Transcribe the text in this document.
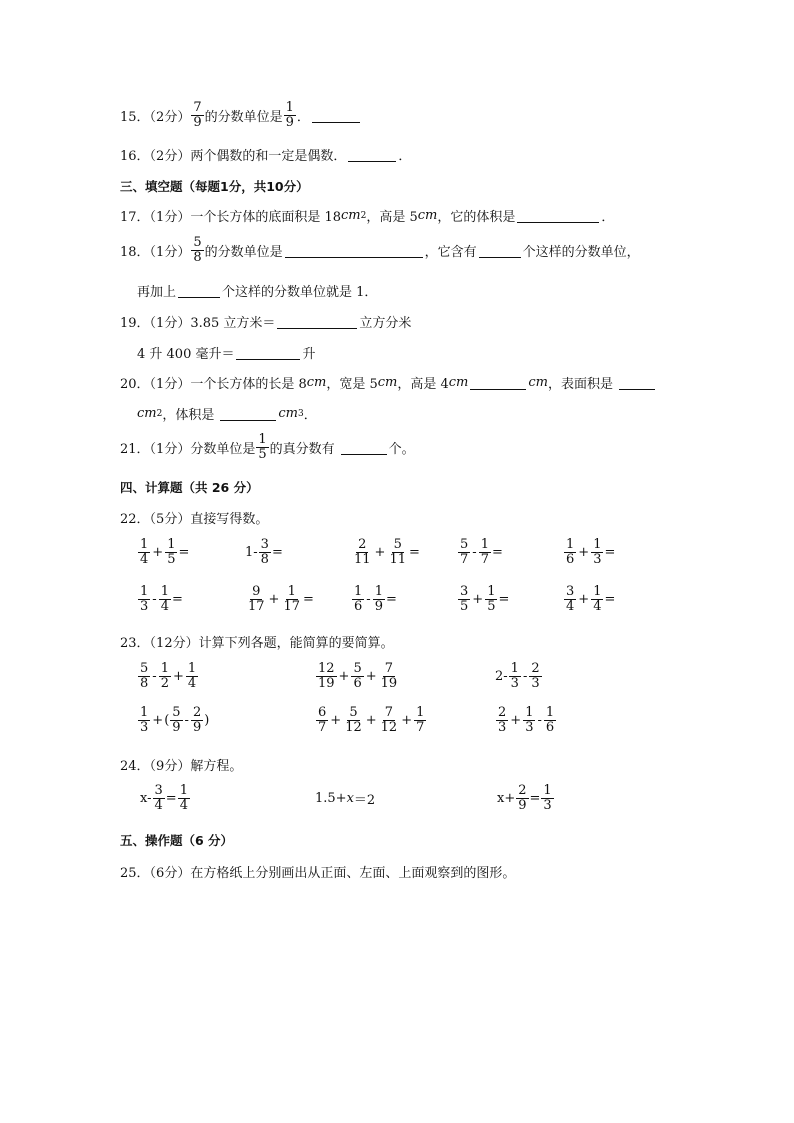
15．（2分） $\frac{7}{9}$ 的分数单位是 $\frac{1}{9}$ ．
16．（2分）两个偶数的和一定是偶数．	．
三、填空题（每题1分，共10分）
17．（1分）一个长方体的底面积是 18 cm 2 ，高是 5 cm ，它的体积是	．
18．（1分） $\frac{5}{8}$ 的分数单位是	，它含有	个这样的分数单位，
再加上	个这样的分数单位就是 1．
19．（1分）3.85 立方米＝	立方分米
4 升 400 毫升＝	升
20．（1分）一个长方体的长是 8 cm ，宽是 5 cm ，高是 4 cm	cm ，表面积是
cm 2 ，体积是	cm 3 ．
21．（1分）分数单位是 $\frac{1}{5}$ 的真分数有	个。
四、计算题（共 26 分）
22．（5分）直接写得数。
$\frac{1}{4} + \frac{1}{5}$ =	$1- \frac{3}{8}$ =	$\frac{2}{11} + \frac{5}{11}$ =	$\frac{5}{7} - \frac{1}{7}$ =	$\frac{1}{6} + \frac{1}{3}$ =
$\frac{1}{3} - \frac{1}{4}$ =	$\frac{9}{17} + \frac{1}{17}$ =	$\frac{1}{6} - \frac{1}{9}$ =	$\frac{3}{5} + \frac{1}{5}$ =	$\frac{3}{4} + \frac{1}{4}$ =
23．（12分）计算下列各题，能简算的要简算。
$\frac{5}{8} - \frac{1}{2} + \frac{1}{4}$	$\frac{12}{19} + \frac{5}{6} + \frac{7}{19}$	$2- \frac{1}{3} - \frac{2}{3}$
$\frac{1}{3}$ + ( $\frac{5}{9} - \frac{2}{9}$ )	$\frac{6}{7} + \frac{5}{12} + \frac{7}{12} + \frac{1}{7}$	$\frac{2}{3} + \frac{1}{3} - \frac{1}{6}$
24．（9分）解方程。
$x- \frac{3}{4} = \frac{1}{4}$	1.5+ x ＝2	$x+ \frac{2}{9} = \frac{1}{3}$
五、操作题（6 分）
25．（6分）在方格纸上分别画出从正面、左面、上面观察到的图形。
